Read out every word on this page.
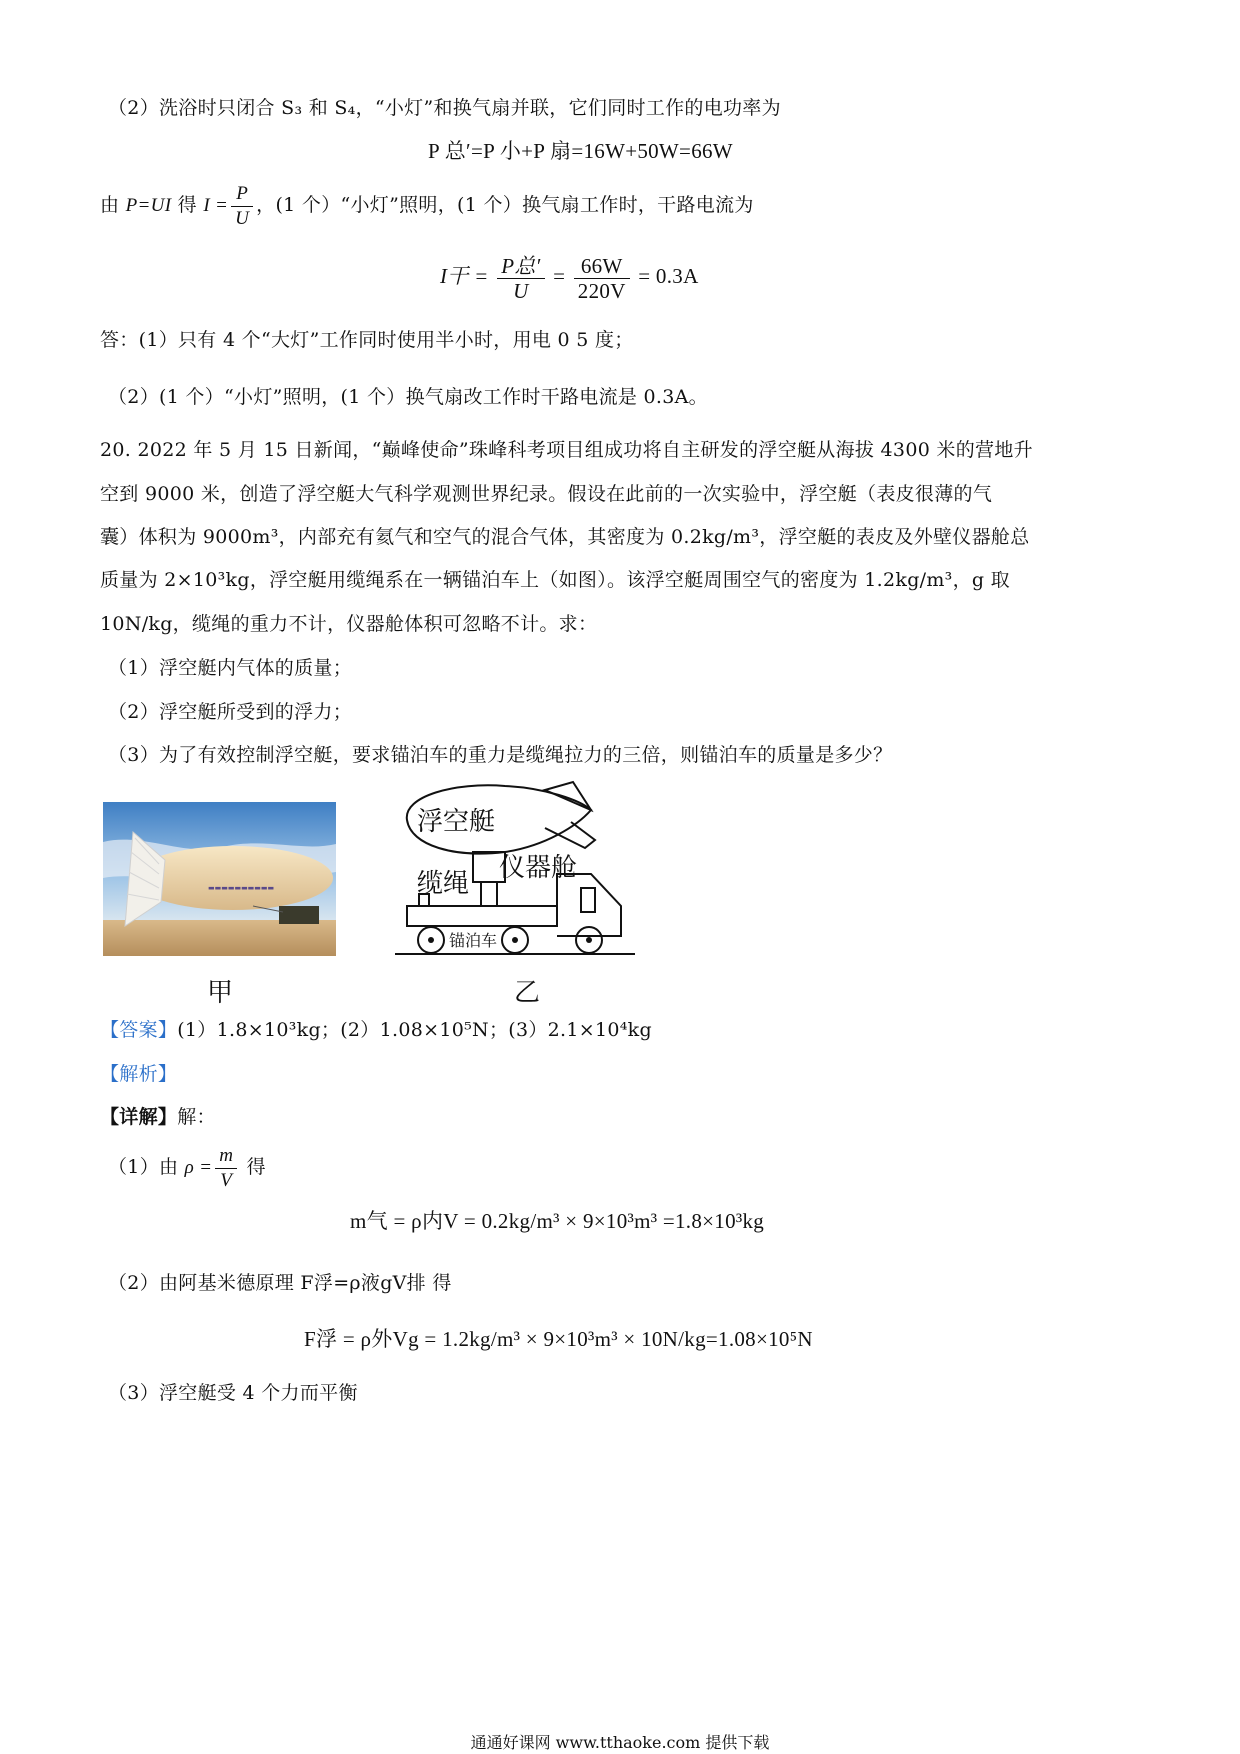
（2）洗浴时只闭合 S₃ 和 S₄，“小灯”和换气扇并联，它们同时工作的电功率为
P 总′=P 小+P 扇=16W+50W=66W
由 P=UI 得 $I = \frac{P}{U}$ ，(1 个）“小灯”照明，(1 个）换气扇工作时，干路电流为
I干 = $\frac{\text{P总′}}{U} = \frac{66W}{220V} = 0.3A$
答：(1）只有 4 个“大灯”工作同时使用半小时，用电 0 5 度；
（2）(1 个）“小灯”照明，(1 个）换气扇改工作时干路电流是 0.3A。
20. 2022 年 5 月 15 日新闻，“巅峰使命”珠峰科考项目组成功将自主研发的浮空艇从海拔 4300 米的营地升
空到 9000 米，创造了浮空艇大气科学观测世界纪录。假设在此前的一次实验中，浮空艇（表皮很薄的气
囊）体积为 9000m³，内部充有氦气和空气的混合气体，其密度为 0.2kg/m³，浮空艇的表皮及外壁仪器舱总
质量为 2×10³kg，浮空艇用缆绳系在一辆锚泊车上（如图）。该浮空艇周围空气的密度为 1.2kg/m³，g 取
10N/kg，缆绳的重力不计，仪器舱体积可忽略不计。求：
（1）浮空艇内气体的质量；
（2）浮空艇所受到的浮力；
（3）为了有效控制浮空艇，要求锚泊车的重力是缆绳拉力的三倍，则锚泊车的质量是多少？
▬▬▬▬▬▬▬▬▬▬
浮空艇
仪器舱
缆绳
锚泊车
甲	乙
【答案】(1）1.8×10³kg；(2）1.08×10⁵N；(3）2.1×10⁴kg
【解析】
【详解】解：
（1）由 $\rho = \frac{m}{V}$ 得
m气 = ρ内V = 0.2kg/m³ × 9×10³m³ =1.8×10³kg
（2）由阿基米德原理 F浮=ρ液gV排 得
F浮 = ρ外Vg = 1.2kg/m³ × 9×10³m³ × 10N/kg=1.08×10⁵N
（3）浮空艇受 4 个力而平衡
通通好课网 www.tthaoke.com 提供下载
